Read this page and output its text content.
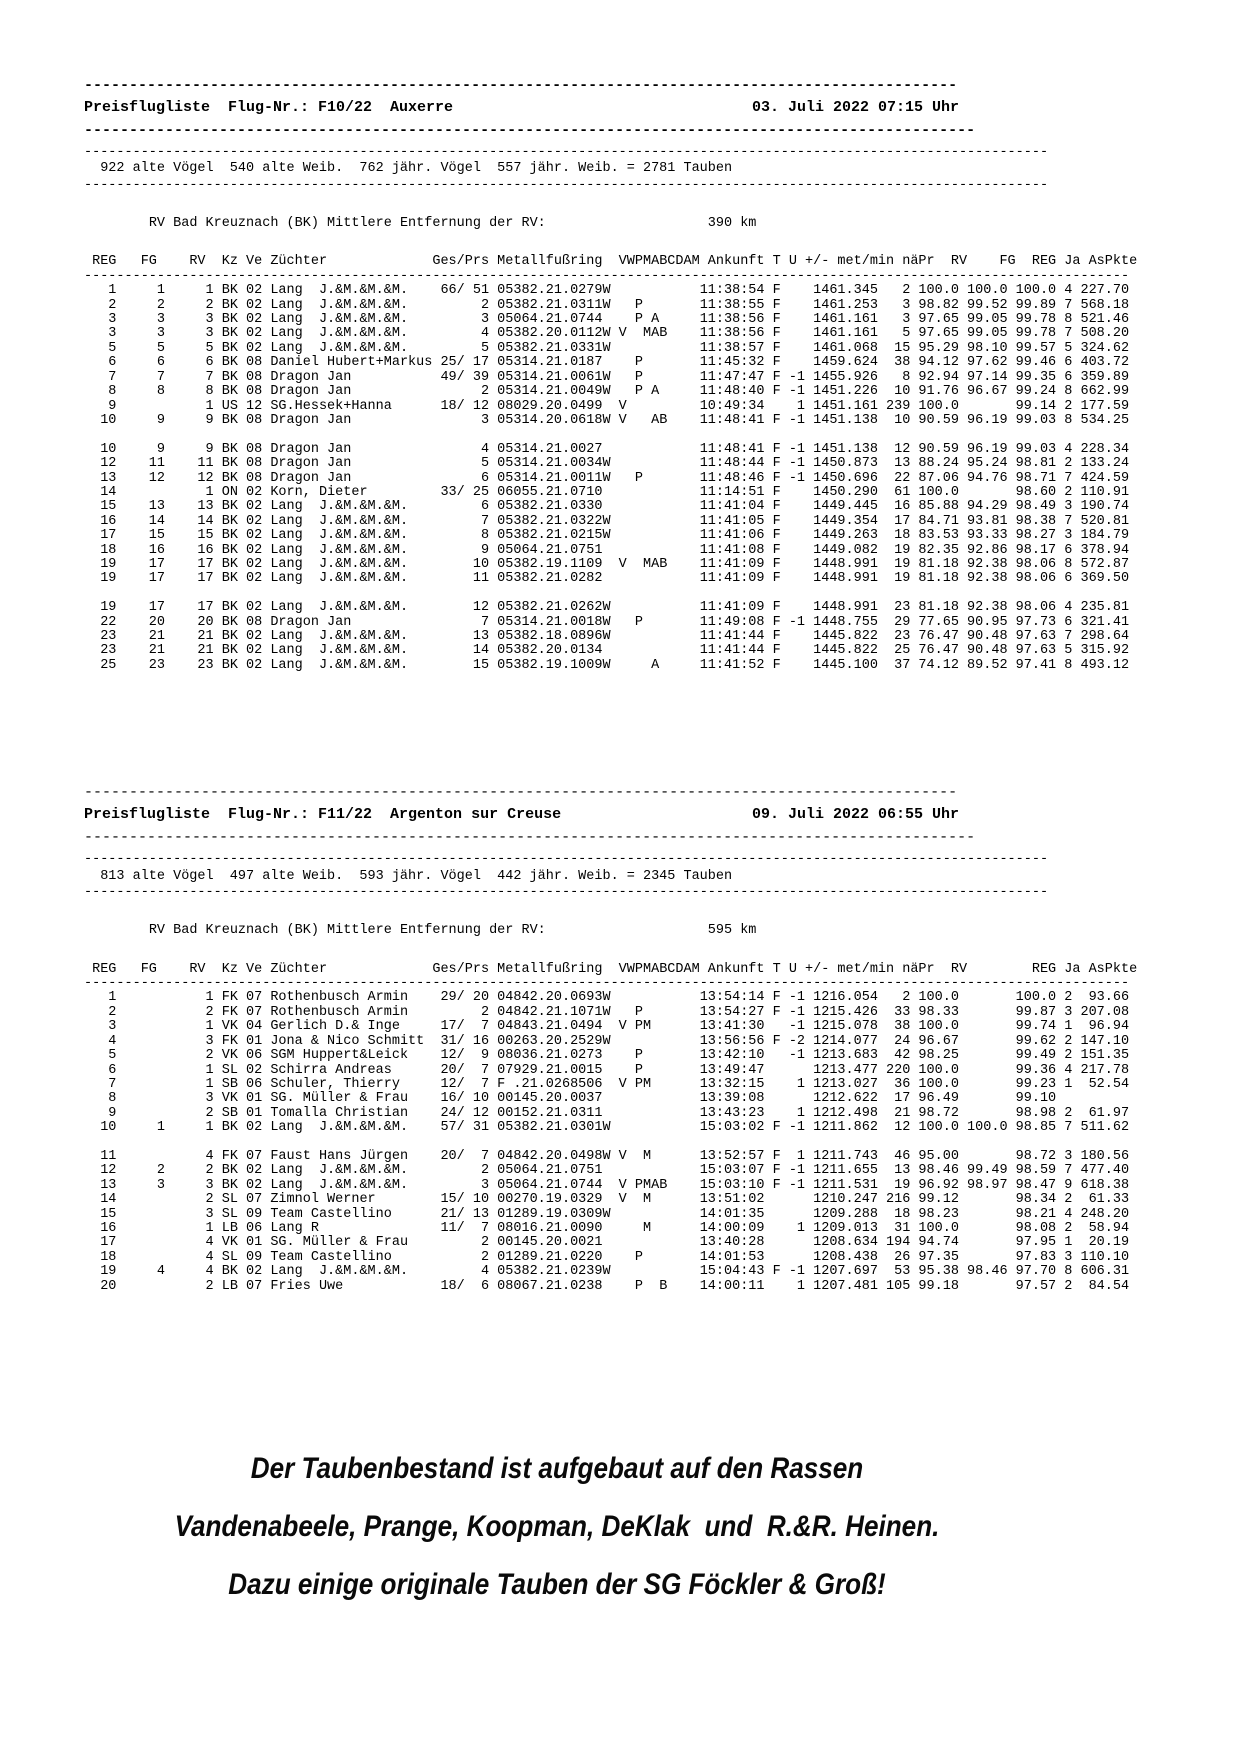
-------------------------------------------------------------------------------------------------
Preisflugliste  Flug-Nr.: F10/22  Auxerre	03. Juli 2022 07:15 Uhr
---------------------------------------------------------------------------------------------------
-----------------------------------------------------------------------------------------------------------------------
922 alte Vögel  540 alte Weib.  762 jähr. Vögel  557 jähr. Weib. = 2781 Tauben
-----------------------------------------------------------------------------------------------------------------------

RV Bad Kreuznach (BK) Mittlere Entfernung der RV:	390 km

REG   FG    RV  Kz Ve Züchter             Ges/Prs Metallfußring  VWPMABCDAM Ankunft T U +/- met/min näPr  RV    FG  REG Ja AsPkte
---------------------------------------------------------------------------------------------------------------------------------
1     1     1 BK 02 Lang  J.&M.&M.&M.    66/ 51 05382.21.0279W           11:38:54 F    1461.345   2 100.0 100.0 100.0 4 227.70
2     2     2 BK 02 Lang  J.&M.&M.&M.         2 05382.21.0311W   P       11:38:55 F    1461.253   3 98.82 99.52 99.89 7 568.18
3     3     3 BK 02 Lang  J.&M.&M.&M.         3 05064.21.0744    P A     11:38:56 F    1461.161   3 97.65 99.05 99.78 8 521.46
3     3     3 BK 02 Lang  J.&M.&M.&M.         4 05382.20.0112W V  MAB    11:38:56 F    1461.161   5 97.65 99.05 99.78 7 508.20
5     5     5 BK 02 Lang  J.&M.&M.&M.         5 05382.21.0331W           11:38:57 F    1461.068  15 95.29 98.10 99.57 5 324.62
6     6     6 BK 08 Daniel Hubert+Markus 25/ 17 05314.21.0187    P       11:45:32 F    1459.624  38 94.12 97.62 99.46 6 403.72
7     7     7 BK 08 Dragon Jan           49/ 39 05314.21.0061W   P       11:47:47 F -1 1455.926   8 92.94 97.14 99.35 6 359.89
8     8     8 BK 08 Dragon Jan                2 05314.21.0049W   P A     11:48:40 F -1 1451.226  10 91.76 96.67 99.24 8 662.99
9           1 US 12 SG.Hessek+Hanna      18/ 12 08029.20.0499  V         10:49:34    1 1451.161 239 100.0       99.14 2 177.59
10     9     9 BK 08 Dragon Jan                3 05314.20.0618W V   AB    11:48:41 F -1 1451.138  10 90.59 96.19 99.03 8 534.25

10     9     9 BK 08 Dragon Jan                4 05314.21.0027            11:48:41 F -1 1451.138  12 90.59 96.19 99.03 4 228.34
12    11    11 BK 08 Dragon Jan                5 05314.21.0034W           11:48:44 F -1 1450.873  13 88.24 95.24 98.81 2 133.24
13    12    12 BK 08 Dragon Jan                6 05314.21.0011W   P       11:48:46 F -1 1450.696  22 87.06 94.76 98.71 7 424.59
14           1 ON 02 Korn, Dieter         33/ 25 06055.21.0710            11:14:51 F    1450.290  61 100.0       98.60 2 110.91
15    13    13 BK 02 Lang  J.&M.&M.&M.         6 05382.21.0330            11:41:04 F    1449.445  16 85.88 94.29 98.49 3 190.74
16    14    14 BK 02 Lang  J.&M.&M.&M.         7 05382.21.0322W           11:41:05 F    1449.354  17 84.71 93.81 98.38 7 520.81
17    15    15 BK 02 Lang  J.&M.&M.&M.         8 05382.21.0215W           11:41:06 F    1449.263  18 83.53 93.33 98.27 3 184.79
18    16    16 BK 02 Lang  J.&M.&M.&M.         9 05064.21.0751            11:41:08 F    1449.082  19 82.35 92.86 98.17 6 378.94
19    17    17 BK 02 Lang  J.&M.&M.&M.        10 05382.19.1109  V  MAB    11:41:09 F    1448.991  19 81.18 92.38 98.06 8 572.87
19    17    17 BK 02 Lang  J.&M.&M.&M.        11 05382.21.0282            11:41:09 F    1448.991  19 81.18 92.38 98.06 6 369.50

19    17    17 BK 02 Lang  J.&M.&M.&M.        12 05382.21.0262W           11:41:09 F    1448.991  23 81.18 92.38 98.06 4 235.81
22    20    20 BK 08 Dragon Jan                7 05314.21.0018W   P       11:49:08 F -1 1448.755  29 77.65 90.95 97.73 6 321.41
23    21    21 BK 02 Lang  J.&M.&M.&M.        13 05382.18.0896W           11:41:44 F    1445.822  23 76.47 90.48 97.63 7 298.64
23    21    21 BK 02 Lang  J.&M.&M.&M.        14 05382.20.0134            11:41:44 F    1445.822  25 76.47 90.48 97.63 5 315.92
25    23    23 BK 02 Lang  J.&M.&M.&M.        15 05382.19.1009W     A     11:41:52 F    1445.100  37 74.12 89.52 97.41 8 493.12
-------------------------------------------------------------------------------------------------
Preisflugliste  Flug-Nr.: F11/22  Argenton sur Creuse	09. Juli 2022 06:55 Uhr
---------------------------------------------------------------------------------------------------
-----------------------------------------------------------------------------------------------------------------------
813 alte Vögel  497 alte Weib.  593 jähr. Vögel  442 jähr. Weib. = 2345 Tauben
-----------------------------------------------------------------------------------------------------------------------

RV Bad Kreuznach (BK) Mittlere Entfernung der RV:	595 km

REG   FG    RV  Kz Ve Züchter             Ges/Prs Metallfußring  VWPMABCDAM Ankunft T U +/- met/min näPr  RV        REG Ja AsPkte
---------------------------------------------------------------------------------------------------------------------------------
1           1 FK 07 Rothenbusch Armin    29/ 20 04842.20.0693W           13:54:14 F -1 1216.054   2 100.0       100.0 2  93.66
2           2 FK 07 Rothenbusch Armin         2 04842.21.1071W   P       13:54:27 F -1 1215.426  33 98.33       99.87 3 207.08
3           1 VK 04 Gerlich D.& Inge     17/  7 04843.21.0494  V PM      13:41:30   -1 1215.078  38 100.0       99.74 1  96.94
4           3 FK 01 Jona & Nico Schmitt  31/ 16 00263.20.2529W           13:56:56 F -2 1214.077  24 96.67       99.62 2 147.10
5           2 VK 06 SGM Huppert&Leick    12/  9 08036.21.0273    P       13:42:10   -1 1213.683  42 98.25       99.49 2 151.35
6           1 SL 02 Schirra Andreas      20/  7 07929.21.0015    P       13:49:47      1213.477 220 100.0       99.36 4 217.78
7           1 SB 06 Schuler, Thierry     12/  7 F .21.0268506  V PM      13:32:15    1 1213.027  36 100.0       99.23 1  52.54
8           3 VK 01 SG. Müller & Frau    16/ 10 00145.20.0037            13:39:08      1212.622  17 96.49       99.10
9           2 SB 01 Tomalla Christian    24/ 12 00152.21.0311            13:43:23    1 1212.498  21 98.72       98.98 2  61.97
10     1     1 BK 02 Lang  J.&M.&M.&M.    57/ 31 05382.21.0301W           15:03:02 F -1 1211.862  12 100.0 100.0 98.85 7 511.62

11           4 FK 07 Faust Hans Jürgen    20/  7 04842.20.0498W V  M      13:52:57 F  1 1211.743  46 95.00       98.72 3 180.56
12     2     2 BK 02 Lang  J.&M.&M.&M.         2 05064.21.0751            15:03:07 F -1 1211.655  13 98.46 99.49 98.59 7 477.40
13     3     3 BK 02 Lang  J.&M.&M.&M.         3 05064.21.0744  V PMAB    15:03:10 F -1 1211.531  19 96.92 98.97 98.47 9 618.38
14           2 SL 07 Zimnol Werner        15/ 10 00270.19.0329  V  M      13:51:02      1210.247 216 99.12       98.34 2  61.33
15           3 SL 09 Team Castellino      21/ 13 01289.19.0309W           14:01:35      1209.288  18 98.23       98.21 4 248.20
16           1 LB 06 Lang R               11/  7 08016.21.0090     M      14:00:09    1 1209.013  31 100.0       98.08 2  58.94
17           4 VK 01 SG. Müller & Frau         2 00145.20.0021            13:40:28      1208.634 194 94.74       97.95 1  20.19
18           4 SL 09 Team Castellino           2 01289.21.0220    P       14:01:53      1208.438  26 97.35       97.83 3 110.10
19     4     4 BK 02 Lang  J.&M.&M.&M.         4 05382.21.0239W           15:04:43 F -1 1207.697  53 95.38 98.46 97.70 8 606.31
20           2 LB 07 Fries Uwe            18/  6 08067.21.0238    P  B    14:00:11    1 1207.481 105 99.18       97.57 2  84.54
Der Taubenbestand ist aufgebaut auf den Rassen
Vandenabeele, Prange, Koopman, DeKlak  und  R.&R. Heinen.
Dazu einige originale Tauben der SG Föckler & Groß!
